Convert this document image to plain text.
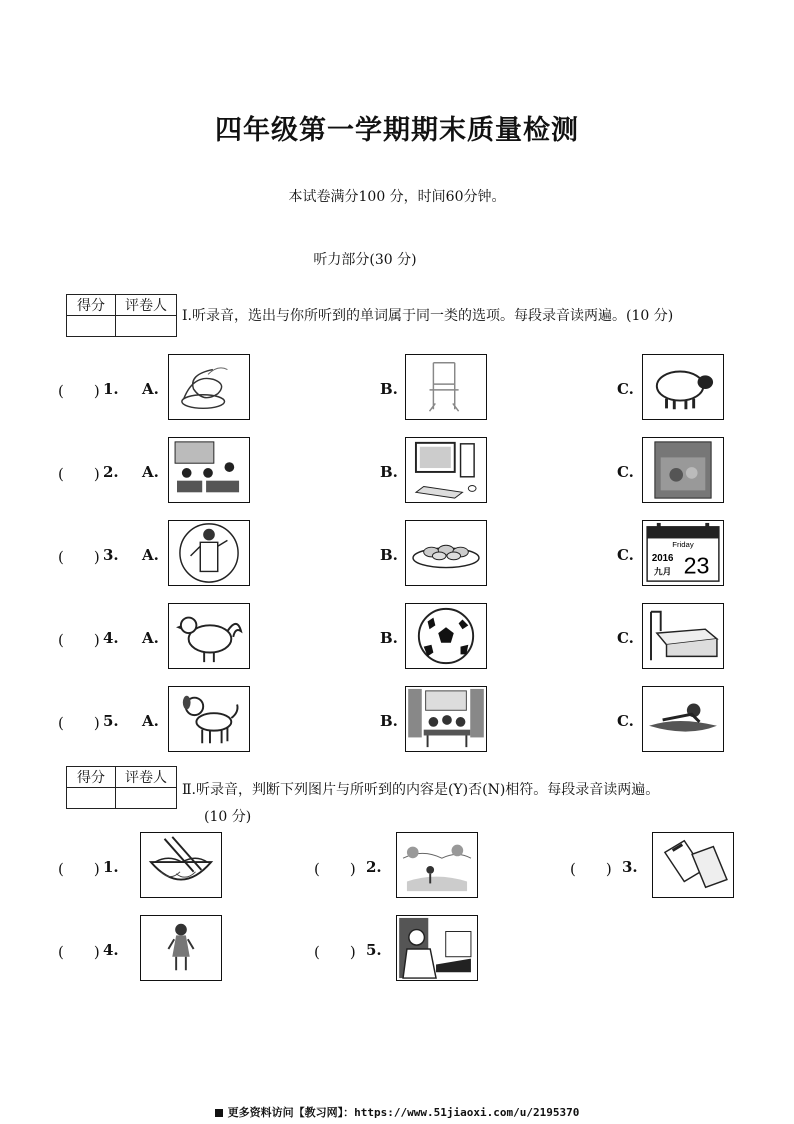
四年级第一学期期末质量检测
本试卷满分100 分，时间60分钟。
听力部分(30 分)
得分	评卷人

Ⅰ.听录音，选出与你所听到的单词属于同一类的选项。每段录音读两遍。(10 分)
(　　) 1. A.	B.	C.
(　　) 2. A.	B.	C.
(　　) 3. A.	B.	C.
Friday
2016
九月 23
(　　) 4. A.	B.	C.
(　　) 5. A.	B.	C.
得分	评卷人

Ⅱ.听录音，判断下列图片与所听到的内容是(Y)否(N)相符。每段录音读两遍。
(10 分)
(　　) 1.	(　　) 2.	(　　) 3.
(　　) 4.	(　　) 5.
更多资料访问【教习网】：https://www.51jiaoxi.com/u/2195370
